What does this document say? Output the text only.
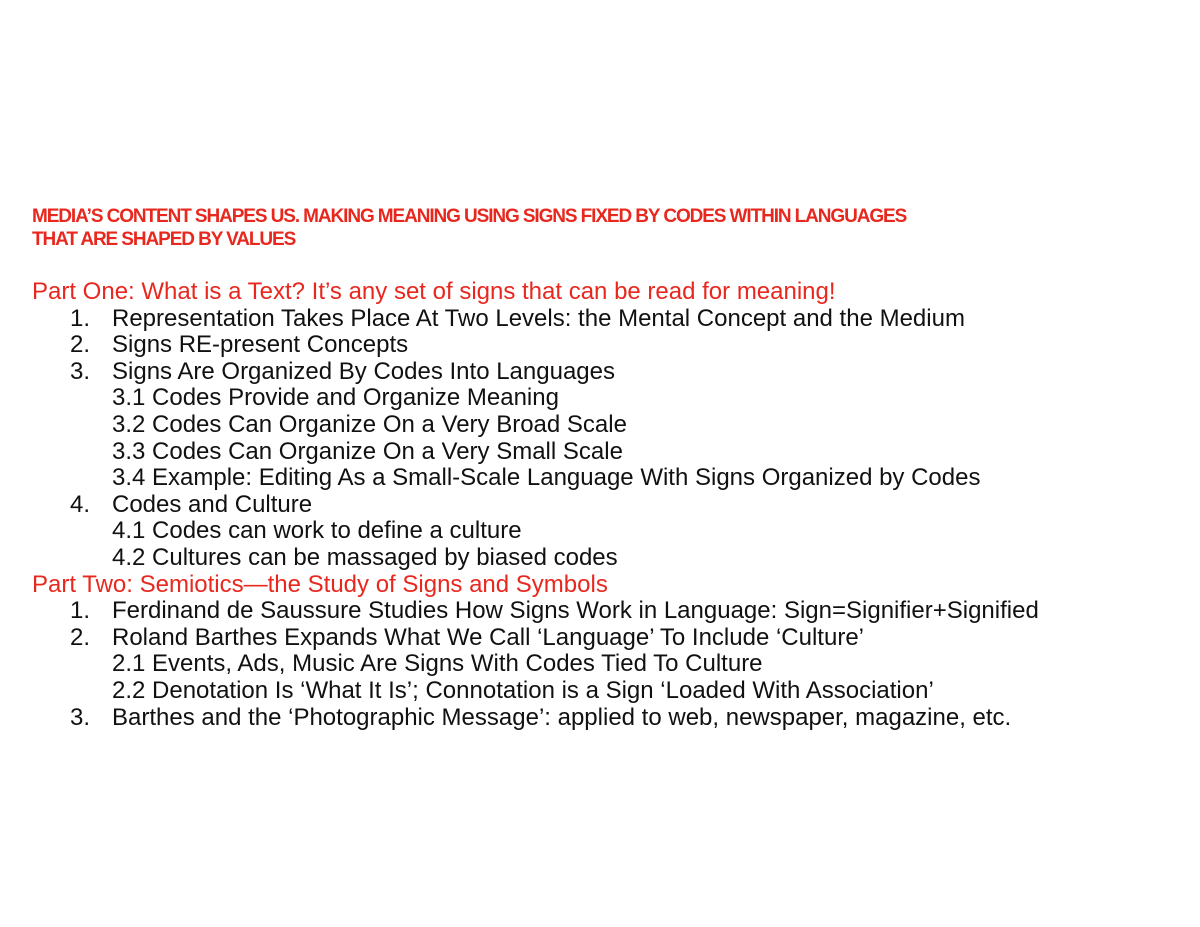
MEDIA’S CONTENT SHAPES US. MAKING MEANING USING SIGNS FIXED BY CODES WITHIN LANGUAGES
THAT ARE SHAPED BY VALUES

Part One: What is a Text? It’s any set of signs that can be read for meaning!
1. Representation Takes Place At Two Levels: the Mental Concept and the Medium
2. Signs RE-present Concepts
3. Signs Are Organized By Codes Into Languages
3.1 Codes Provide and Organize Meaning
3.2 Codes Can Organize On a Very Broad Scale
3.3 Codes Can Organize On a Very Small Scale
3.4 Example: Editing As a Small-Scale Language With Signs Organized by Codes
4. Codes and Culture
4.1 Codes can work to define a culture
4.2 Cultures can be massaged by biased codes
Part Two: Semiotics—the Study of Signs and Symbols
1. Ferdinand de Saussure Studies How Signs Work in Language: Sign=Signifier+Signified
2. Roland Barthes Expands What We Call ‘Language’ To Include ‘Culture’
2.1 Events, Ads, Music Are Signs With Codes Tied To Culture
2.2 Denotation Is ‘What It Is’; Connotation is a Sign ‘Loaded With Association’
3. Barthes and the ‘Photographic Message’: applied to web, newspaper, magazine, etc.
